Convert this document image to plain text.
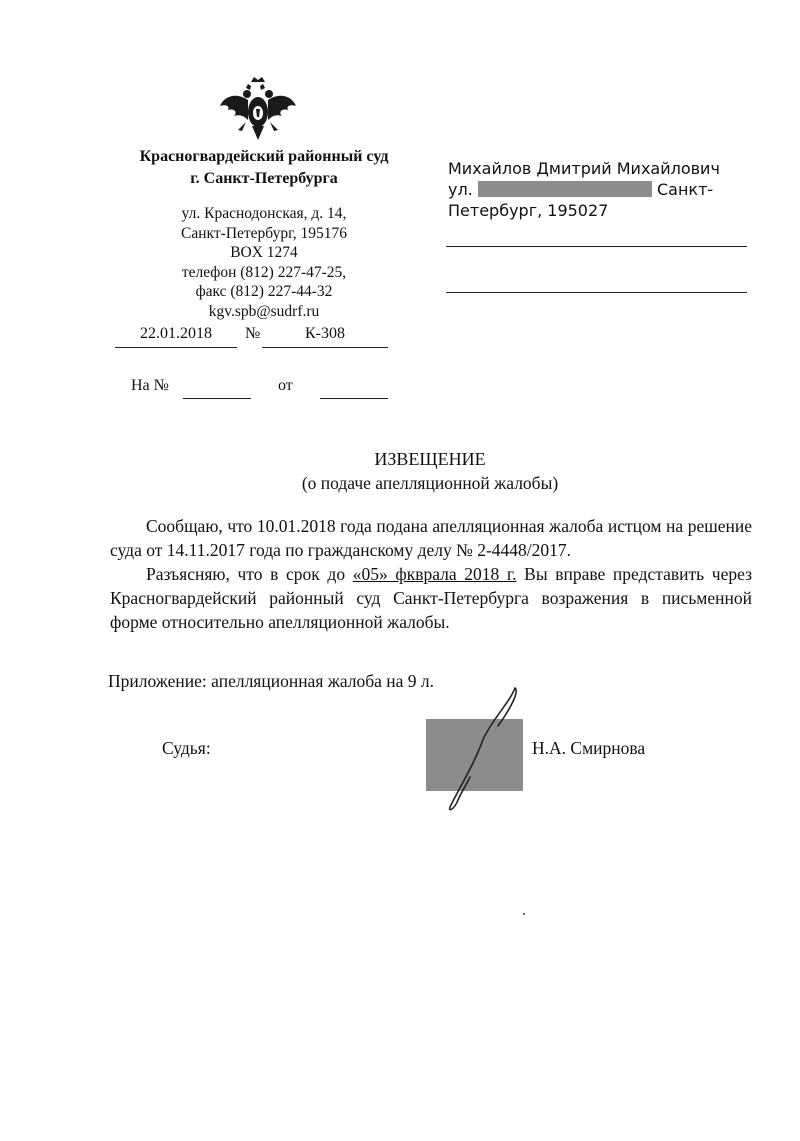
Красногвардейский районный суд
г. Санкт-Петербурга
ул. Краснодонская, д. 14,
Санкт-Петербург, 195176
BOX 1274
телефон (812) 227-47-25,
факс (812) 227-44-32
kgv.spb@sudrf.ru
22.01.2018	№	К-308
На №	от
Михайлов Дмитрий Михайлович
ул.	Санкт-
Петербург, 195027
ИЗВЕЩЕНИЕ
(о подаче апелляционной жалобы)

Сообщаю, что 10.01.2018 года подана апелляционная жалоба истцом на решение суда от 14.11.2017 года по гражданскому делу № 2-4448/2017.

Разъясняю, что в срок до «05» фкврала 2018 г. Вы вправе представить через Красногвардейский районный суд Санкт-Петербурга возражения в письменной форме относительно апелляционной жалобы.

Приложение: апелляционная жалоба на 9 л.
Судья:	Н.А. Смирнова
